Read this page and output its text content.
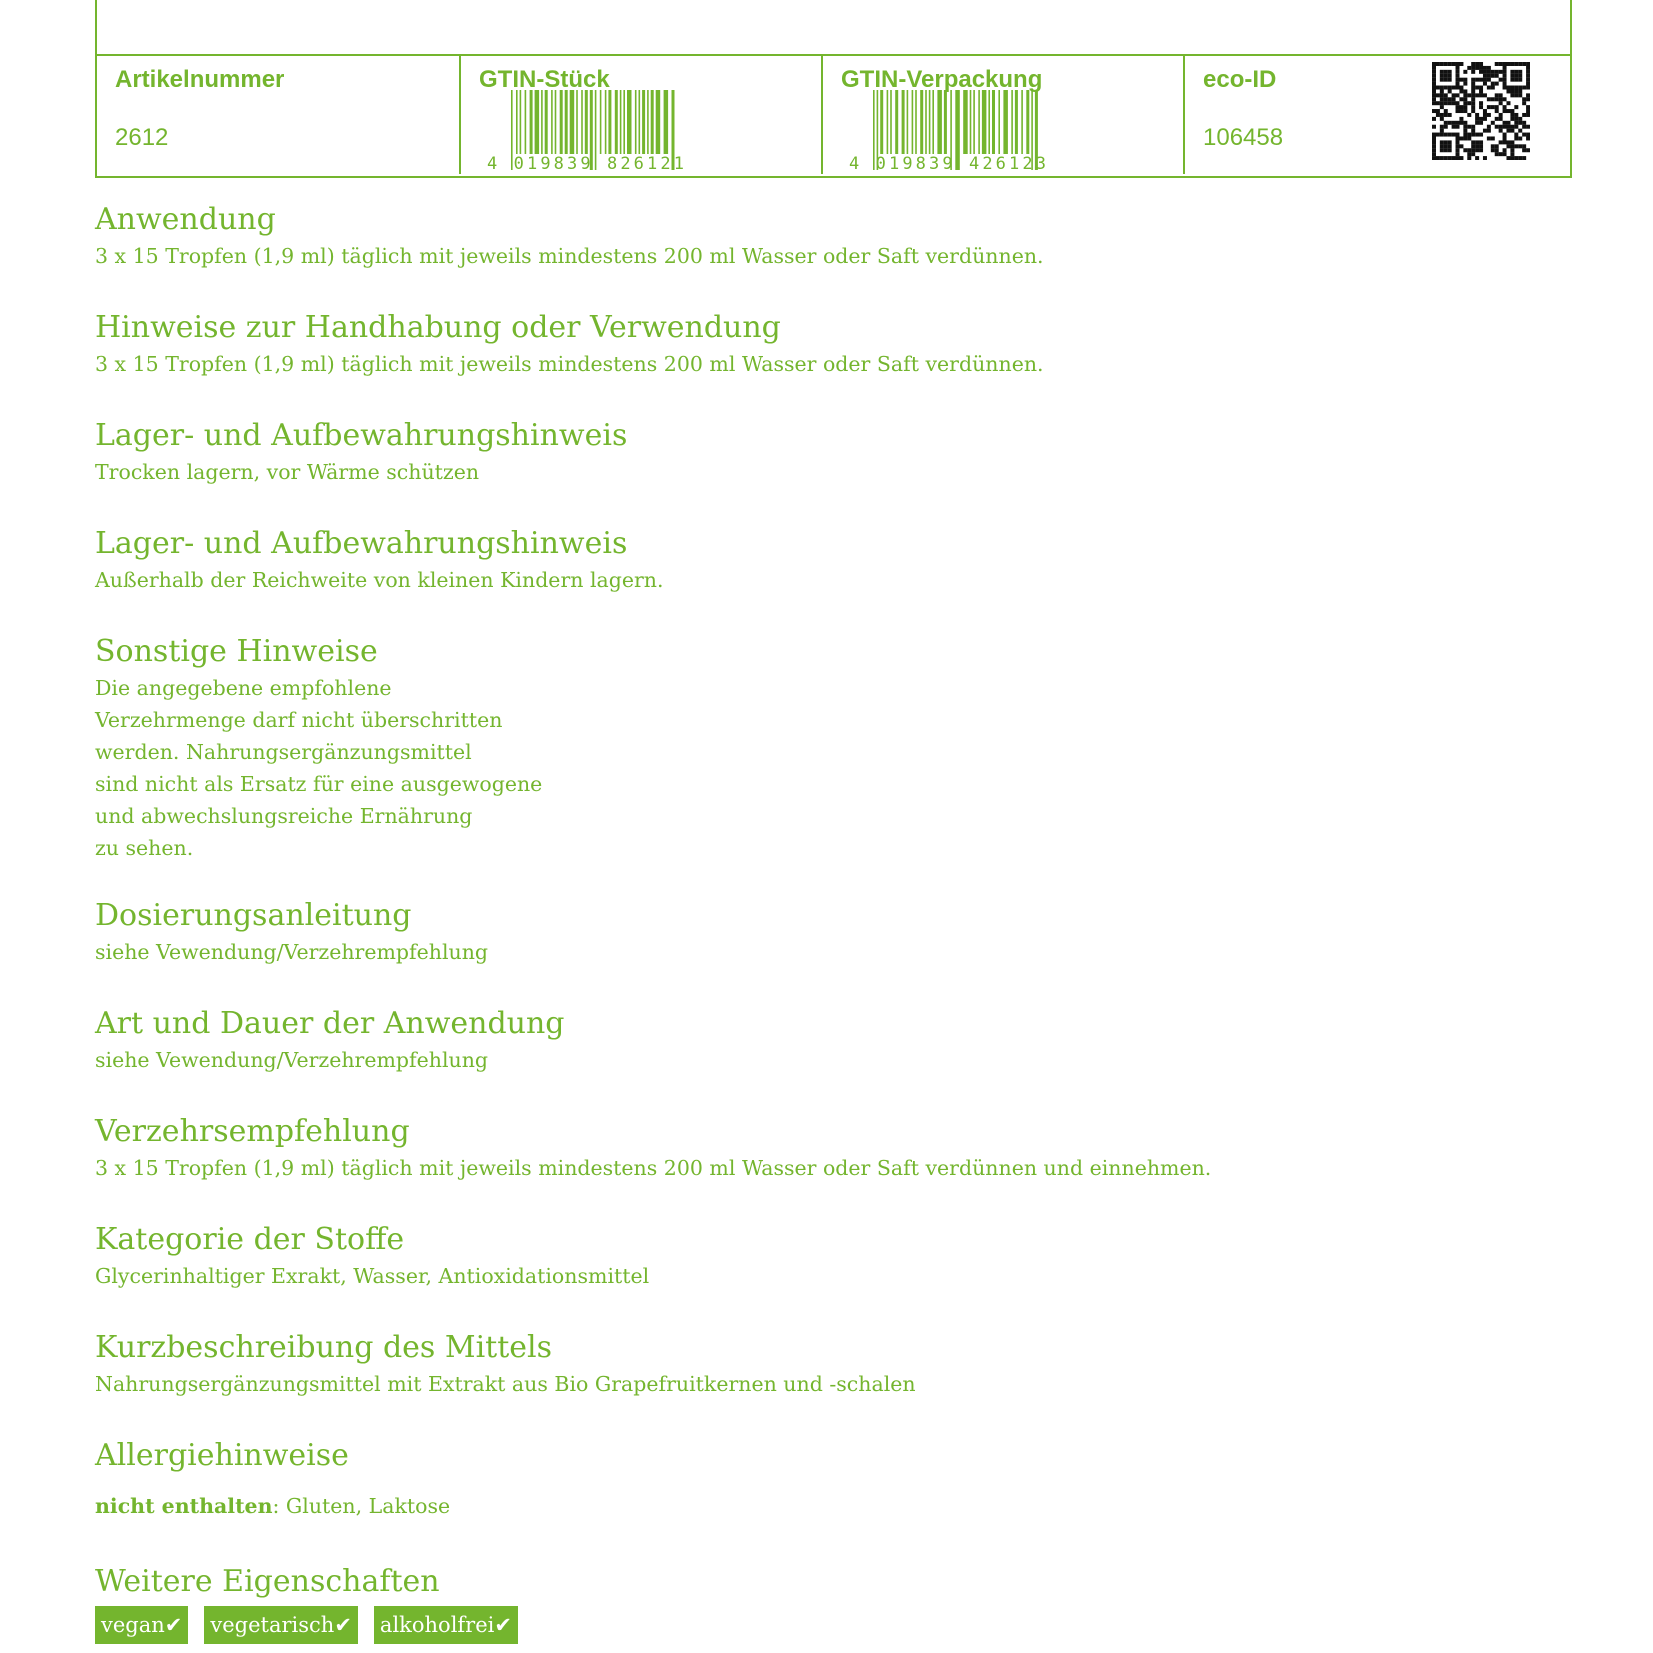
Artikelnummer
2612
GTIN-Stück
4 019839 826121
GTIN-Verpackung
4 019839 426123
eco-ID
106458
Anwendung

3 x 15 Tropfen (1,9 ml) täglich mit jeweils mindestens 200 ml Wasser oder Saft verdünnen.

Hinweise zur Handhabung oder Verwendung

3 x 15 Tropfen (1,9 ml) täglich mit jeweils mindestens 200 ml Wasser oder Saft verdünnen.

Lager- und Aufbewahrungshinweis

Trocken lagern, vor Wärme schützen

Lager- und Aufbewahrungshinweis

Außerhalb der Reichweite von kleinen Kindern lagern.

Sonstige Hinweise

Die angegebene empfohlene
Verzehrmenge darf nicht überschritten
werden. Nahrungsergänzungsmittel
sind nicht als Ersatz für eine ausgewogene
und abwechslungsreiche Ernährung
zu sehen.

Dosierungsanleitung

siehe Vewendung/Verzehrempfehlung

Art und Dauer der Anwendung

siehe Vewendung/Verzehrempfehlung

Verzehrsempfehlung

3 x 15 Tropfen (1,9 ml) täglich mit jeweils mindestens 200 ml Wasser oder Saft verdünnen und einnehmen.

Kategorie der Stoffe

Glycerinhaltiger Exrakt, Wasser, Antioxidationsmittel

Kurzbeschreibung des Mittels

Nahrungsergänzungsmittel mit Extrakt aus Bio Grapefruitkernen und -schalen

Allergiehinweise
nicht enthalten: Gluten, Laktose
Weitere Eigenschaften
vegan✔ vegetarisch✔ alkoholfrei✔
